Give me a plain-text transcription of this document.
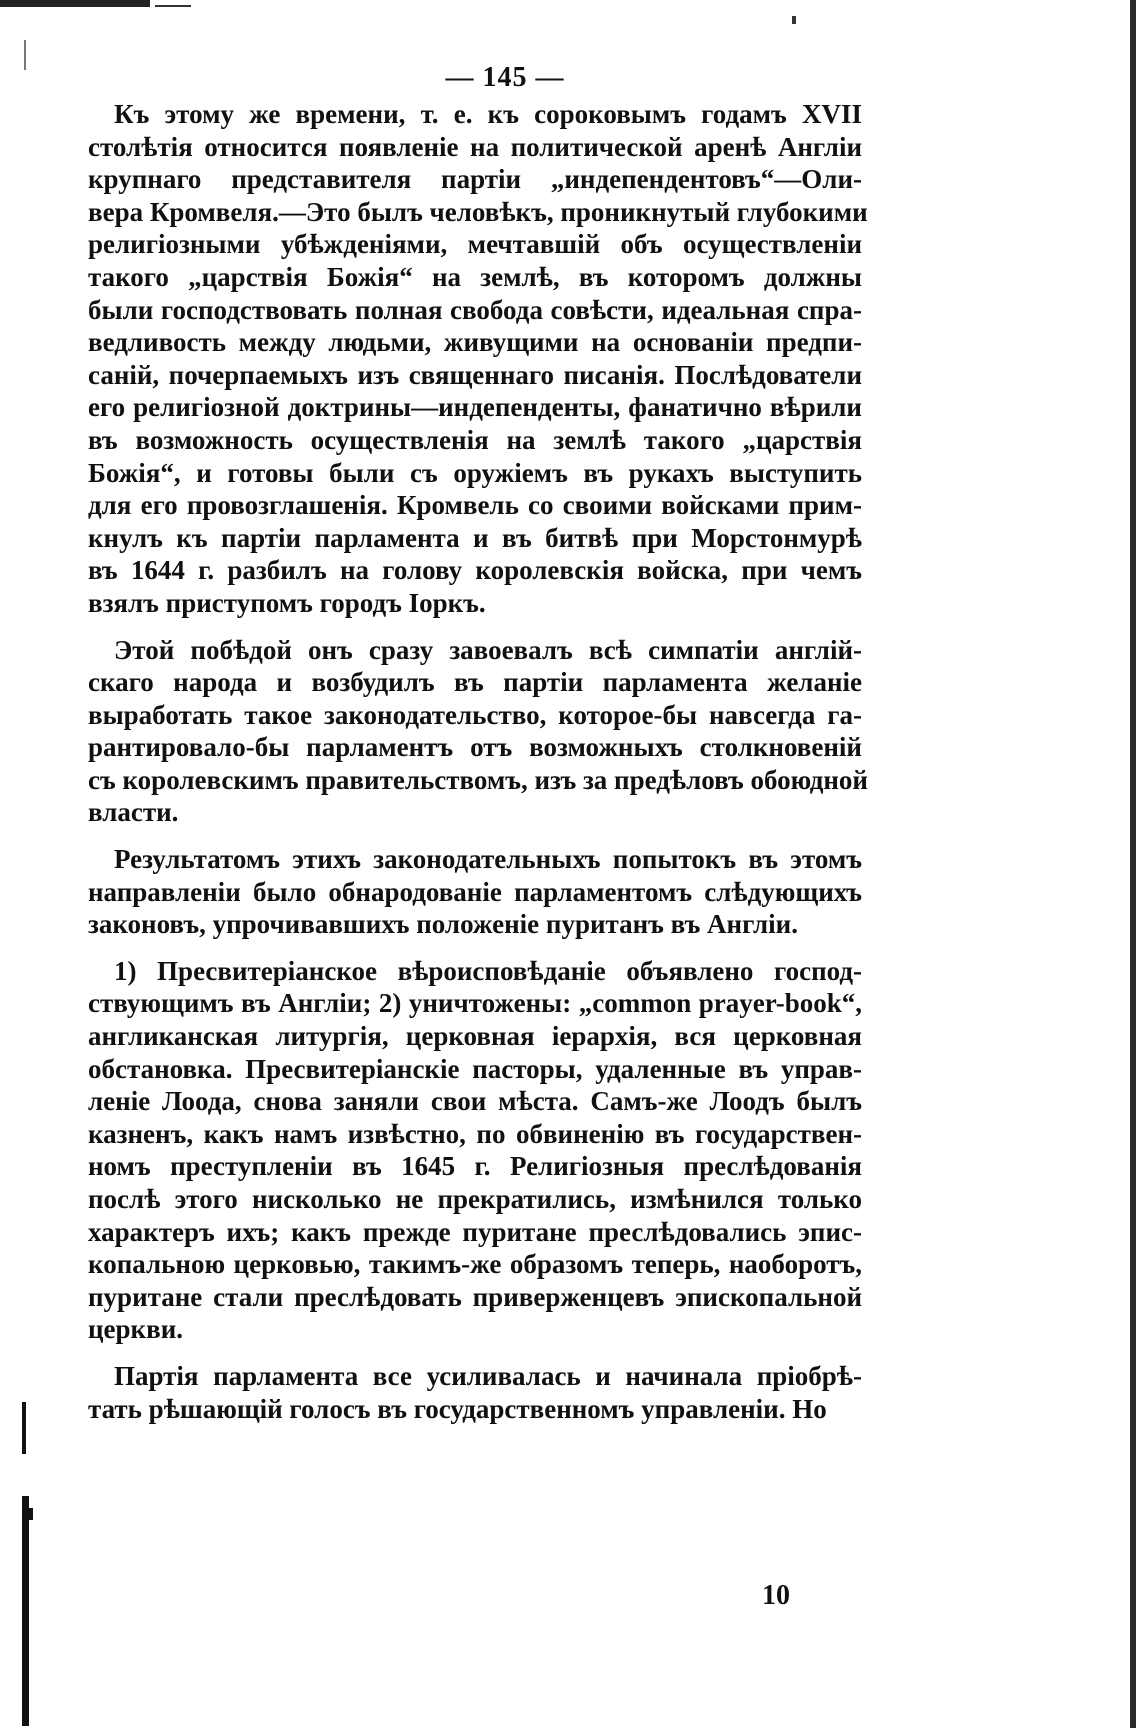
— 145 —
Къ этому же времени, т. е. къ сороковымъ годамъ XVII
столѣтія относится появленіе на политической аренѣ Англіи
крупнаго представителя партіи „индепендентовъ“—Оли-
вера Кромвеля.—Это былъ человѣкъ, проникнутый глубокими
религіозными убѣжденіями, мечтавшій объ осуществленіи
такого „царствія Божія“ на землѣ, въ которомъ должны
были господствовать полная свобода совѣсти, идеальная спра-
ведливость между людьми, живущими на основаніи предпи-
саній, почерпаемыхъ изъ священнаго писанія. Послѣдователи
его религіозной доктрины—индепенденты, фанатично вѣрили
въ возможность осуществленія на землѣ такого „царствія
Божія“, и готовы были съ оружіемъ въ рукахъ выступить
для его провозглашенія. Кромвель со своими войсками прим-
кнулъ къ партіи парламента и въ битвѣ при Морстонмурѣ
въ 1644 г. разбилъ на голову королевскія войска, при чемъ
взялъ приступомъ городъ Іоркъ.
Этой побѣдой онъ сразу завоевалъ всѣ симпатіи англій-
скаго народа и возбудилъ въ партіи парламента желаніе
выработать такое законодательство, которое-бы навсегда га-
рантировало-бы парламентъ отъ возможныхъ столкновеній
съ королевскимъ правительствомъ, изъ за предѣловъ обоюдной
власти.
Результатомъ этихъ законодательныхъ попытокъ въ этомъ
направленіи было обнародованіе парламентомъ слѣдующихъ
законовъ, упрочивавшихъ положеніе пуританъ въ Англіи.
1) Пресвитеріанское вѣроисповѣданіе объявлено господ-
ствующимъ въ Англіи; 2) уничтожены: „common prayer-book“,
англиканская литургія, церковная іерархія, вся церковная
обстановка. Пресвитеріанскіе пасторы, удаленные въ управ-
леніе Лоода, снова заняли свои мѣста. Самъ-же Лоодъ былъ
казненъ, какъ намъ извѣстно, по обвиненію въ государствен-
номъ преступленіи въ 1645 г. Религіозныя преслѣдованія
послѣ этого нисколько не прекратились, измѣнился только
характеръ ихъ; какъ прежде пуритане преслѣдовались эпис-
копальною церковью, такимъ-же образомъ теперь, наоборотъ,
пуритане стали преслѣдовать приверженцевъ эпископальной
церкви.
Партія парламента все усиливалась и начинала пріобрѣ-
тать рѣшающій голосъ въ государственномъ управленіи. Но
10
